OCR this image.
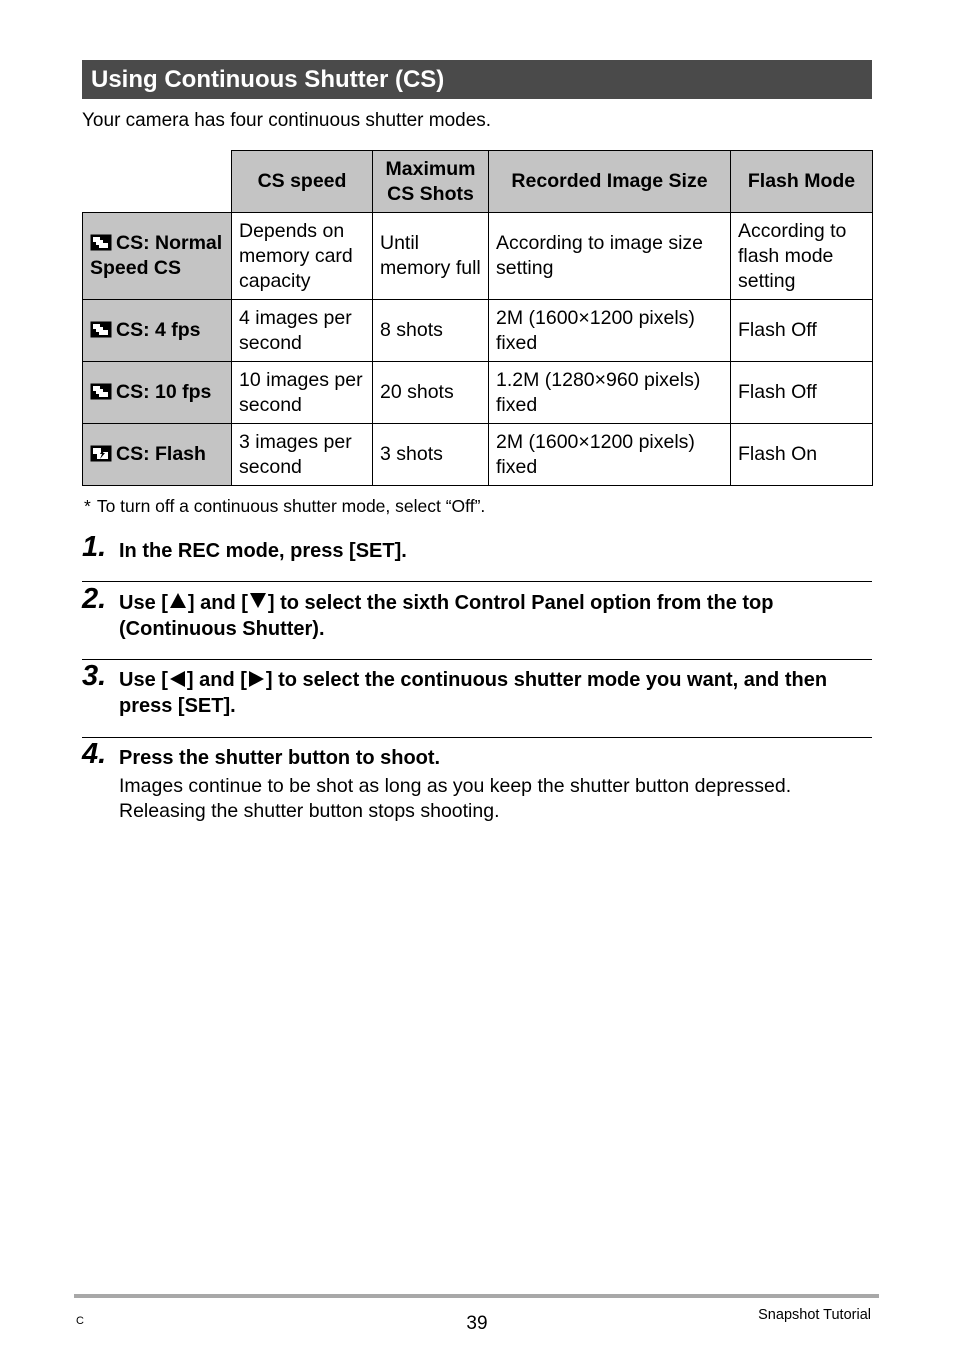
Using Continuous Shutter (CS)
Your camera has four continuous shutter modes.
	CS speed	Maximum CS Shots	Recorded Image Size	Flash Mode
CS: Normal Speed CS	Depends on memory card capacity	Until memory full	According to image size setting	According to flash mode setting
CS: 4 fps	4 images per second	8 shots	2M (1600×1200 pixels) fixed	Flash Off
CS: 10 fps	10 images per second	20 shots	1.2M (1280×960 pixels) fixed	Flash Off
CS: Flash	3 images per second	3 shots	2M (1600×1200 pixels) fixed	Flash On
* To turn off a continuous shutter mode, select “Off”.
1. In the REC mode, press [SET].
2. Use [ ] and [ ] to select the sixth Control Panel option from the top (Continuous Shutter).
3. Use [ ] and [ ] to select the continuous shutter mode you want, and then press [SET].
4. Press the shutter button to shoot.
Images continue to be shot as long as you keep the shutter button depressed. Releasing the shutter button stops shooting.
C	39	Snapshot Tutorial
